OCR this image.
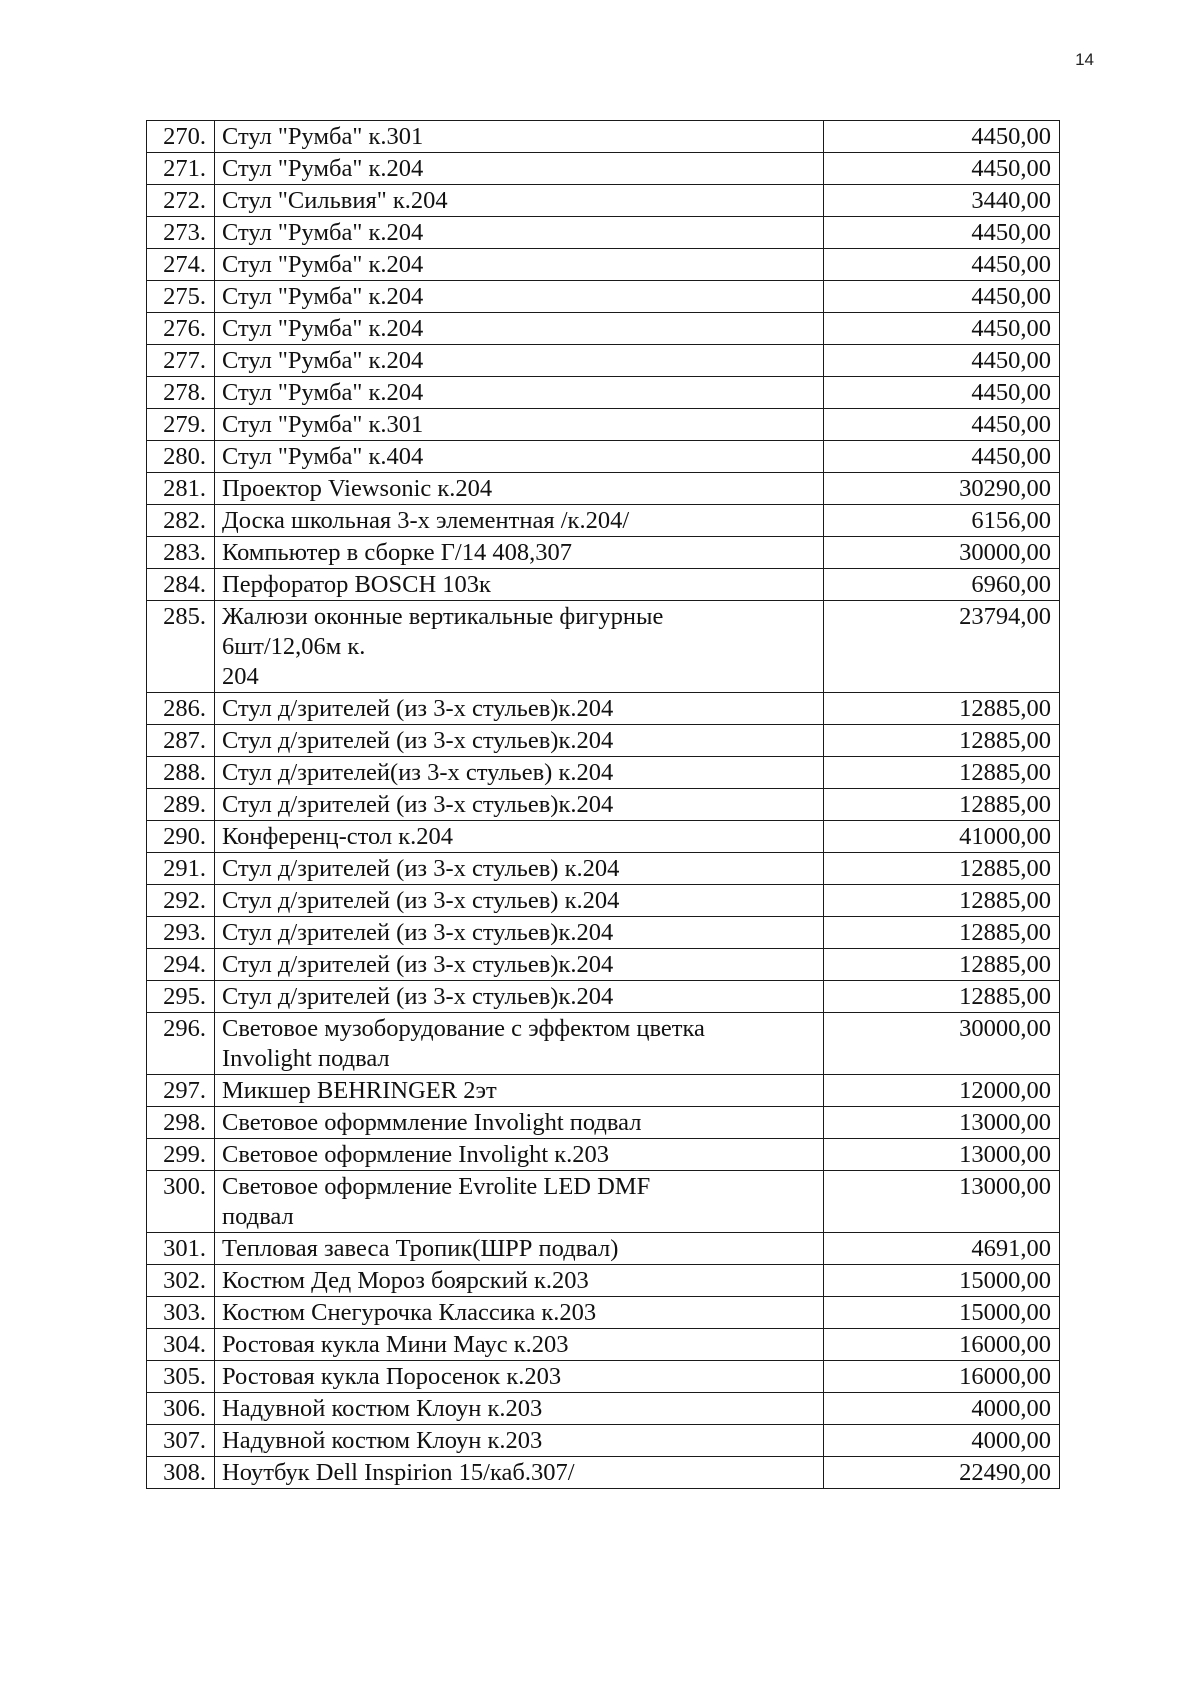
14
270.	Стул "Румба" к.301	4450,00
271.	Стул "Румба" к.204	4450,00
272.	Стул "Сильвия" к.204	3440,00
273.	Стул "Румба" к.204	4450,00
274.	Стул "Румба" к.204	4450,00
275.	Стул "Румба" к.204	4450,00
276.	Стул "Румба" к.204	4450,00
277.	Стул "Румба" к.204	4450,00
278.	Стул "Румба" к.204	4450,00
279.	Стул "Румба" к.301	4450,00
280.	Стул "Румба" к.404	4450,00
281.	Проектор Viewsonic к.204	30290,00
282.	Доска школьная 3-х элементная /к.204/	6156,00
283.	Компьютер в сборке Г/14 408,307	30000,00
284.	Перфоратор BOSCH 103к	6960,00
285.	Жалюзи оконные вертикальные фигурные
6шт/12,06м к.
204	23794,00
286.	Стул д/зрителей (из 3-х стульев)к.204	12885,00
287.	Стул д/зрителей (из 3-х стульев)к.204	12885,00
288.	Стул д/зрителей(из 3-х стульев) к.204	12885,00
289.	Стул д/зрителей (из 3-х стульев)к.204	12885,00
290.	Конференц-стол к.204	41000,00
291.	Стул д/зрителей (из 3-х стульев) к.204	12885,00
292.	Стул д/зрителей (из 3-х стульев) к.204	12885,00
293.	Стул д/зрителей (из 3-х стульев)к.204	12885,00
294.	Стул д/зрителей (из 3-х стульев)к.204	12885,00
295.	Стул д/зрителей (из 3-х стульев)к.204	12885,00
296.	Световое музоборудование с эффектом цветка
Involight подвал	30000,00
297.	Микшер BEHRINGER 2эт	12000,00
298.	Световое оформмление Involight подвал	13000,00
299.	Световое оформление Involight к.203	13000,00
300.	Световое оформление Evrolite LED DMF
подвал	13000,00
301.	Тепловая завеса Тропик(ШРР подвал)	4691,00
302.	Костюм Дед Мороз боярский к.203	15000,00
303.	Костюм Снегурочка Классика к.203	15000,00
304.	Ростовая кукла Мини Маус к.203	16000,00
305.	Ростовая кукла Поросенок к.203	16000,00
306.	Надувной костюм Клоун к.203	4000,00
307.	Надувной костюм Клоун к.203	4000,00
308.	Ноутбук Dell Inspirion 15/каб.307/	22490,00
